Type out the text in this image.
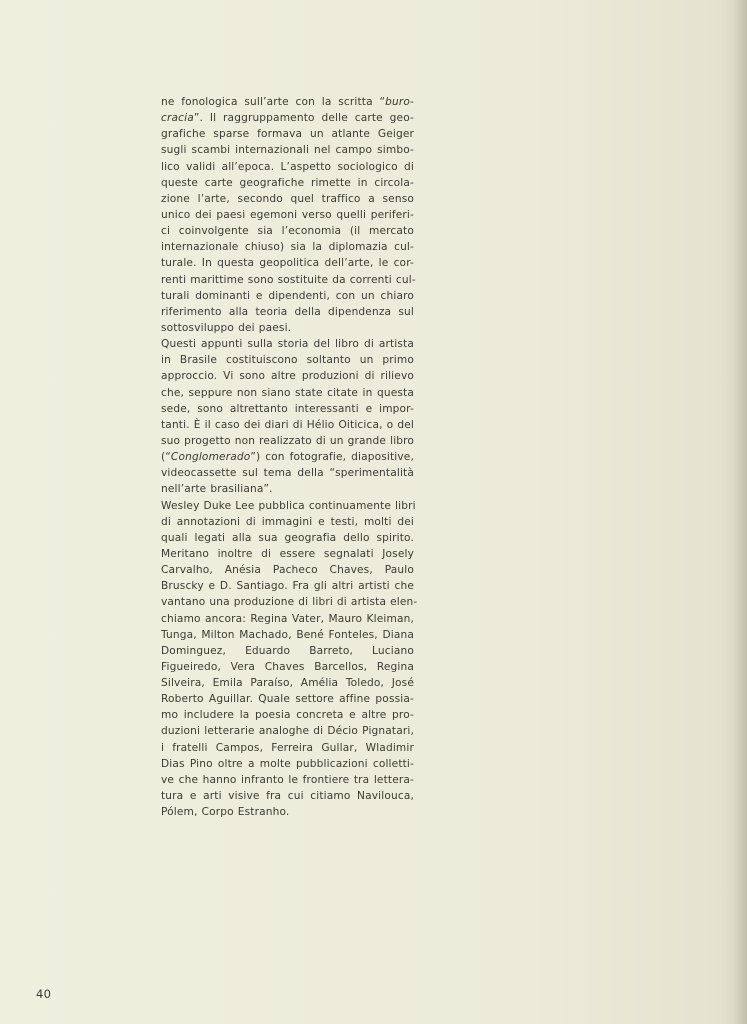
ne fonologica sull’arte con la scritta “buro-
cracia”. Il raggruppamento delle carte geo-
grafiche sparse formava un atlante Geiger
sugli scambi internazionali nel campo simbo-
lico validi all’epoca. L’aspetto sociologico di
queste carte geografiche rimette in circola-
zione l’arte, secondo quel traffico a senso
unico dei paesi egemoni verso quelli periferi-
ci coinvolgente sia l’economia (il mercato
internazionale chiuso) sia la diplomazia cul-
turale. In questa geopolitica dell’arte, le cor-
renti marittime sono sostituite da correnti cul-
turali dominanti e dipendenti, con un chiaro
riferimento alla teoria della dipendenza sul
sottosviluppo dei paesi.
Questi appunti sulla storia del libro di artista
in Brasile costituiscono soltanto un primo
approccio. Vi sono altre produzioni di rilievo
che, seppure non siano state citate in questa
sede, sono altrettanto interessanti e impor-
tanti. È il caso dei diari di Hélio Oiticica, o del
suo progetto non realizzato di un grande libro
(“Conglomerado”) con fotografie, diapositive,
videocassette sul tema della “sperimentalità
nell’arte brasiliana”.
Wesley Duke Lee pubblica continuamente libri
di annotazioni di immagini e testi, molti dei
quali legati alla sua geografia dello spirito.
Meritano inoltre di essere segnalati Josely
Carvalho, Anésia Pacheco Chaves, Paulo
Bruscky e D. Santiago. Fra gli altri artisti che
vantano una produzione di libri di artista elen-
chiamo ancora: Regina Vater, Mauro Kleiman,
Tunga, Milton Machado, Bené Fonteles, Diana
Dominguez, Eduardo Barreto, Luciano
Figueiredo, Vera Chaves Barcellos, Regina
Silveira, Emila Paraíso, Amélia Toledo, José
Roberto Aguillar. Quale settore affine possia-
mo includere la poesia concreta e altre pro-
duzioni letterarie analoghe di Décio Pignatari,
i fratelli Campos, Ferreira Gullar, Wladimir
Dias Pino oltre a molte pubblicazioni colletti-
ve che hanno infranto le frontiere tra lettera-
tura e arti visive fra cui citiamo Navilouca,
Pólem, Corpo Estranho.
40
